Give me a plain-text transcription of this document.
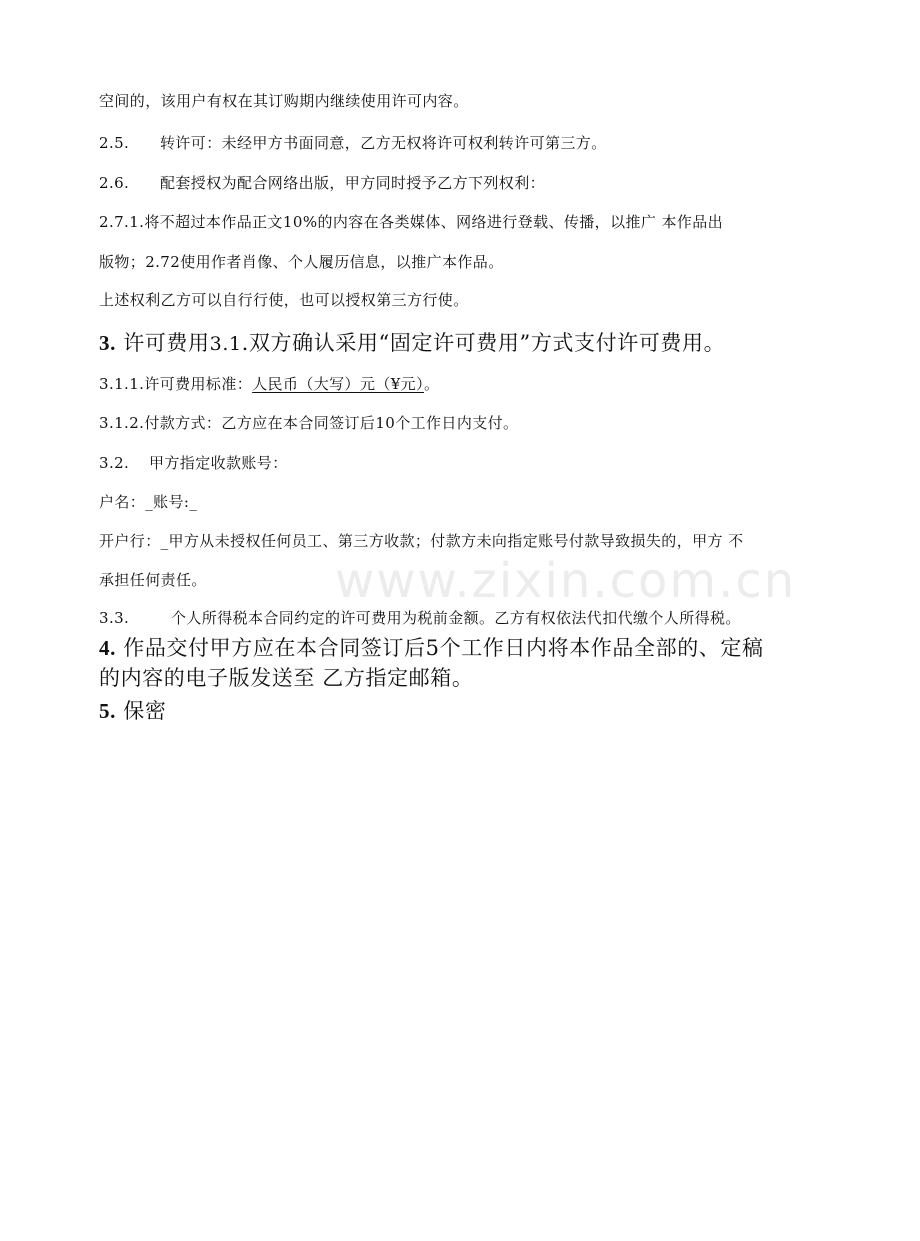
www.zixin.com.cn
空间的，该用户有权在其订购期内继续使用许可内容。
2.5. 转许可：未经甲方书面同意，乙方无权将许可权利转许可第三方。
2.6. 配套授权为配合网络出版，甲方同时授予乙方下列权利：
2.7.1.将不超过本作品正文10%的内容在各类媒体、网络进行登载、传播，以推广 本作品出
版物；2.72使用作者肖像、个人履历信息，以推广本作品。
上述权利乙方可以自行行使，也可以授权第三方行使。
3. 许可费用3.1.双方确认采用“固定许可费用”方式支付许可费用。
3.1.1.许可费用标准：人民币（大写）元（¥元）。
3.1.2.付款方式：乙方应在本合同签订后10个工作日内支付。
3.2. 甲方指定收款账号：
户名：_账号:_
开户行：_甲方从未授权任何员工、第三方收款；付款方未向指定账号付款导致损失的，甲方 不
承担任何责任。
3.3.	个人所得税本合同约定的许可费用为税前金额。乙方有权依法代扣代缴个人所得税。
4. 作品交付甲方应在本合同签订后5个工作日内将本作品全部的、定稿
的内容的电子版发送至 乙方指定邮箱。
5. 保密
